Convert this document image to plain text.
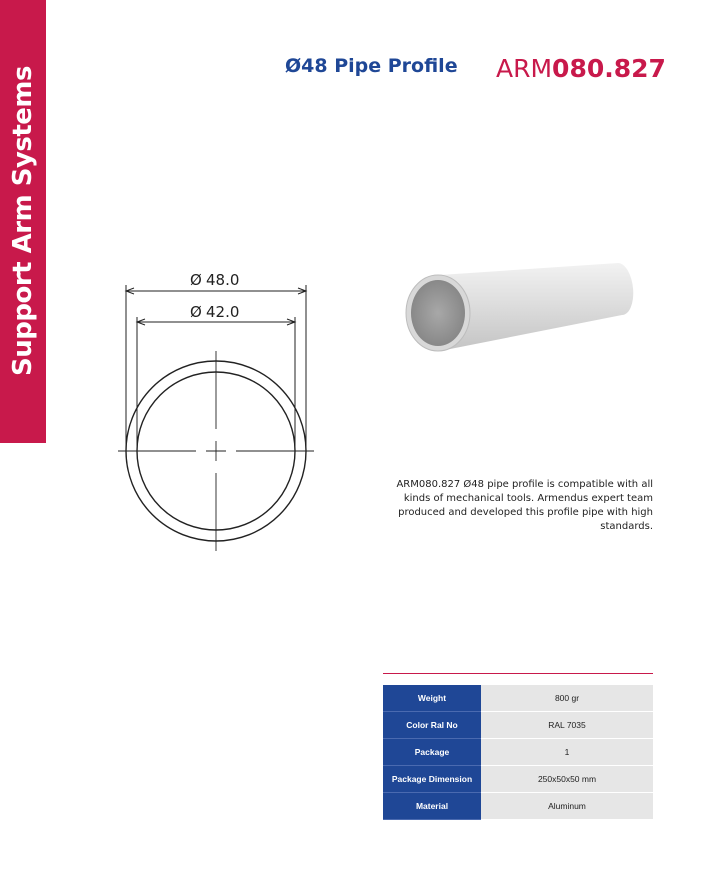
Support Arm Systems	Ø48 Pipe Profile ARM080.827
Ø 48.0
Ø 42.0
ARM080.827 Ø48 pipe profile is compatible with all kinds of mechanical tools. Armendus expert team produced and developed this profile pipe with high standards.
Weight	800 gr
Color Ral No	RAL 7035
Package	1
Package Dimension	250x50x50 mm
Material	Aluminum
